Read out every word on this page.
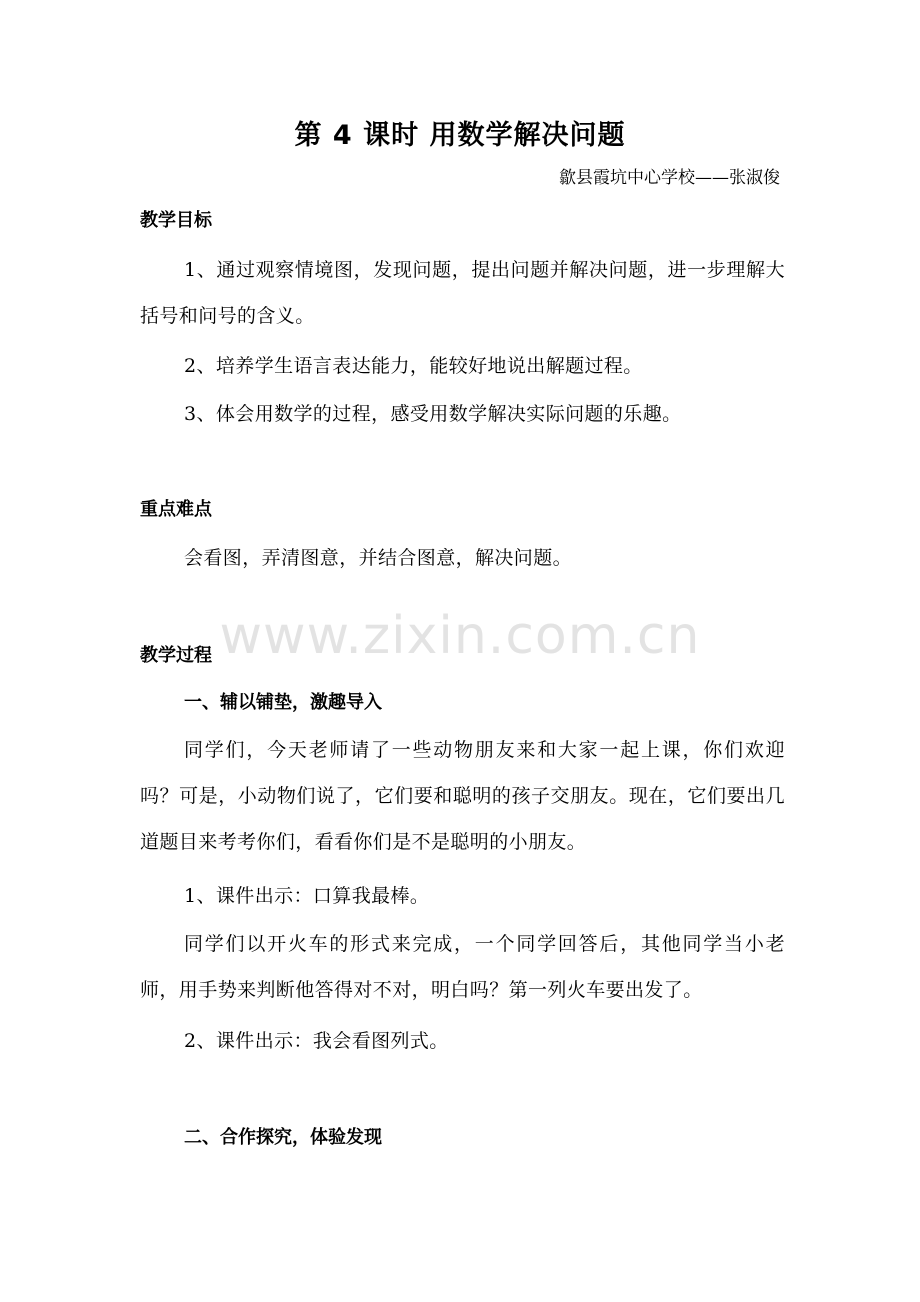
第 4 课时 用数学解决问题
歙县霞坑中心学校——张淑俊
教学目标
1、通过观察情境图，发现问题，提出问题并解决问题，进一步理解大括号和问号的含义。
2、培养学生语言表达能力，能较好地说出解题过程。
3、体会用数学的过程，感受用数学解决实际问题的乐趣。
重点难点
会看图，弄清图意，并结合图意，解决问题。
教学过程
一、辅以铺垫，激趣导入
同学们，今天老师请了一些动物朋友来和大家一起上课，你们欢迎吗？可是，小动物们说了，它们要和聪明的孩子交朋友。现在，它们要出几道题目来考考你们，看看你们是不是聪明的小朋友。
1、课件出示：口算我最棒。
同学们以开火车的形式来完成，一个同学回答后，其他同学当小老师，用手势来判断他答得对不对，明白吗？第一列火车要出发了。
2、课件出示：我会看图列式。
二、合作探究，体验发现
www.zixin.com.cn
